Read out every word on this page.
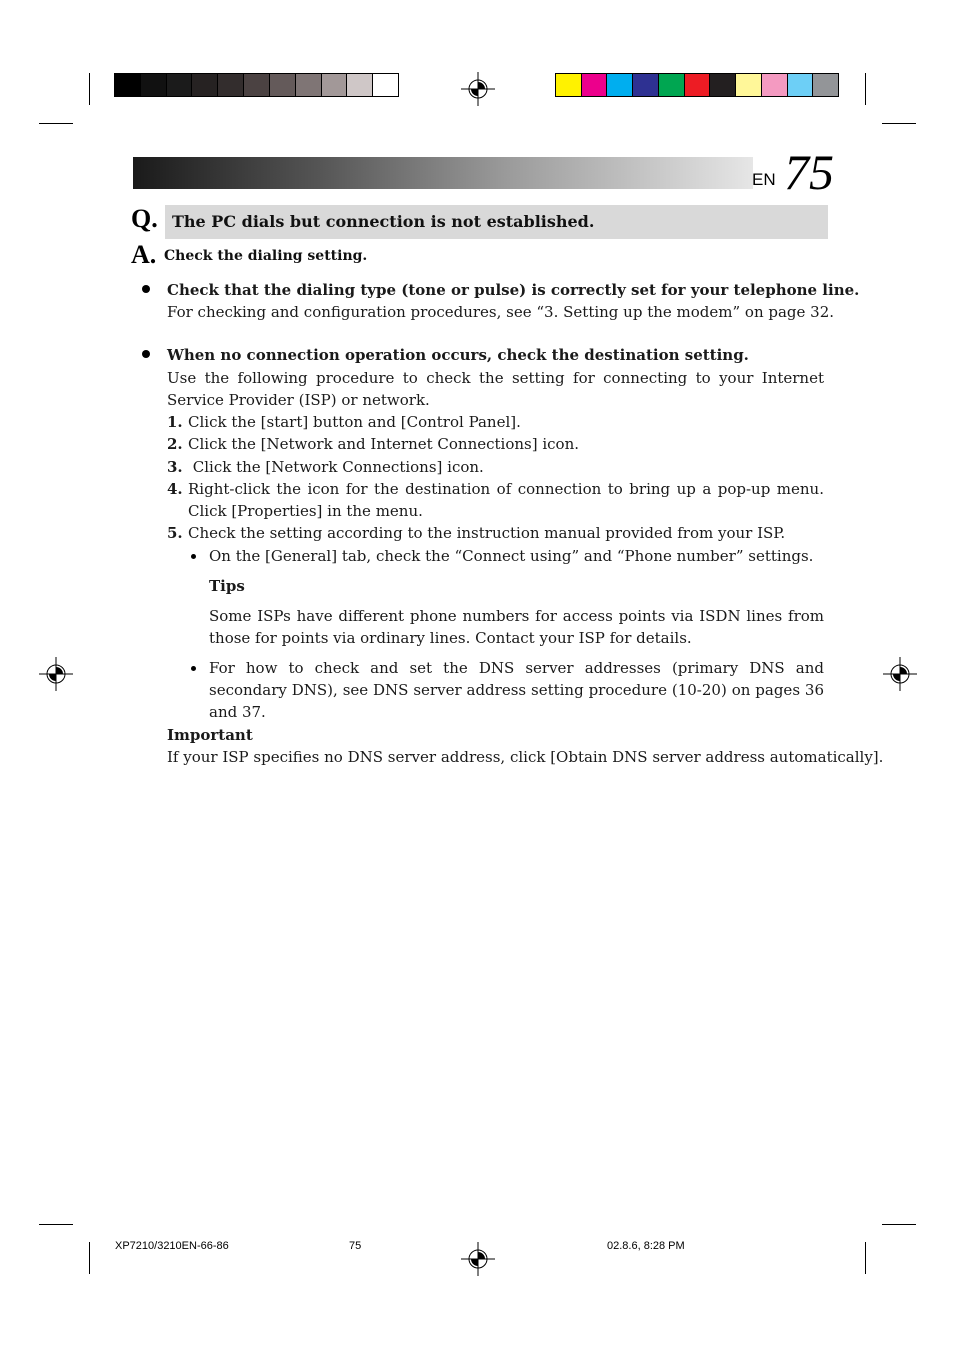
EN 75
Q. The PC dials but connection is not established.
A. Check the dialing setting.
Check that the dialing type (tone or pulse) is correctly set for your telephone line.
For checking and configuration procedures, see “3. Setting up the modem” on page 32.
When no connection operation occurs, check the destination setting.
Use the following procedure to check the setting for connecting to your Internet Service Provider (ISP) or network.
1. Click the [start] button and [Control Panel].
2. Click the [Network and Internet Connections] icon.
3. Click the [Network Connections] icon.
4. Right-click the icon for the destination of connection to bring up a pop-up menu. Click [Properties] in the menu.
5. Check the setting according to the instruction manual provided from your ISP.
On the [General] tab, check the “Connect using” and “Phone number” settings.
Tips
Some ISPs have different phone numbers for access points via ISDN lines from those for points via ordinary lines. Contact your ISP for details.
For how to check and set the DNS server addresses (primary DNS and secondary DNS), see DNS server address setting procedure (10-20) on pages 36 and 37.
Important
If your ISP specifies no DNS server address, click [Obtain DNS server address automatically].
XP7210/3210EN-66-86	75	02.8.6, 8:28 PM
